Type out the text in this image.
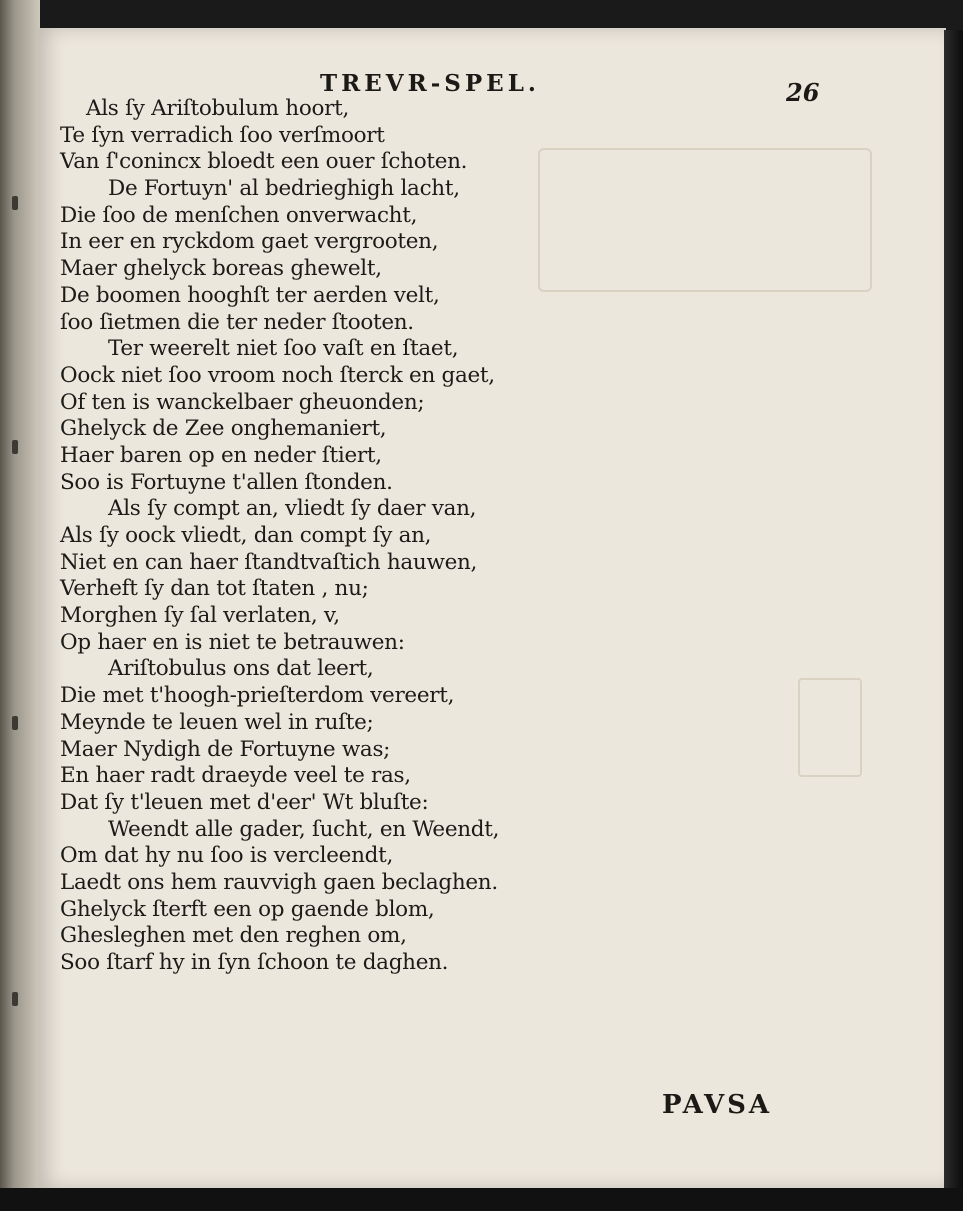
TREVR-SPEL.	26
Als ſy Ariſtobulum hoort,
Te ſyn verradich ſoo verſmoort
Van ſ'conincx bloedt een ouer ſchoten.
De Fortuyn' al bedrieghigh lacht,
Die ſoo de menſchen onverwacht,
In eer en ryckdom gaet vergrooten,
Maer ghelyck boreas ghewelt,
De boomen hooghſt ter aerden velt,
ſoo ſietmen die ter neder ſtooten.
Ter weerelt niet ſoo vaſt en ſtaet,
Oock niet ſoo vroom noch ſterck en gaet,
Of ten is wanckelbaer gheuonden;
Ghelyck de Zee onghemaniert,
Haer baren op en neder ſtiert,
Soo is Fortuyne t'allen ſtonden.
Als ſy compt an, vliedt ſy daer van,
Als ſy oock vliedt, dan compt ſy an,
Niet en can haer ſtandtvaſtich hauwen,
Verheft ſy dan tot ſtaten , nu;
Morghen ſy ſal verlaten, v,
Op haer en is niet te betrauwen:
Ariſtobulus ons dat leert,
Die met t'hoogh-prieſterdom vereert,
Meynde te leuen wel in ruſte;
Maer Nydigh de Fortuyne was;
En haer radt draeyde veel te ras,
Dat ſy t'leuen met d'eer' Wt bluſte:
Weendt alle gader, ſucht, en Weendt,
Om dat hy nu ſoo is vercleendt,
Laedt ons hem rauvvigh gaen beclaghen.
Ghelyck ſterft een op gaende blom,
Ghesleghen met den reghen om,
Soo ſtarf hy in ſyn ſchoon te daghen.
PAVSA
